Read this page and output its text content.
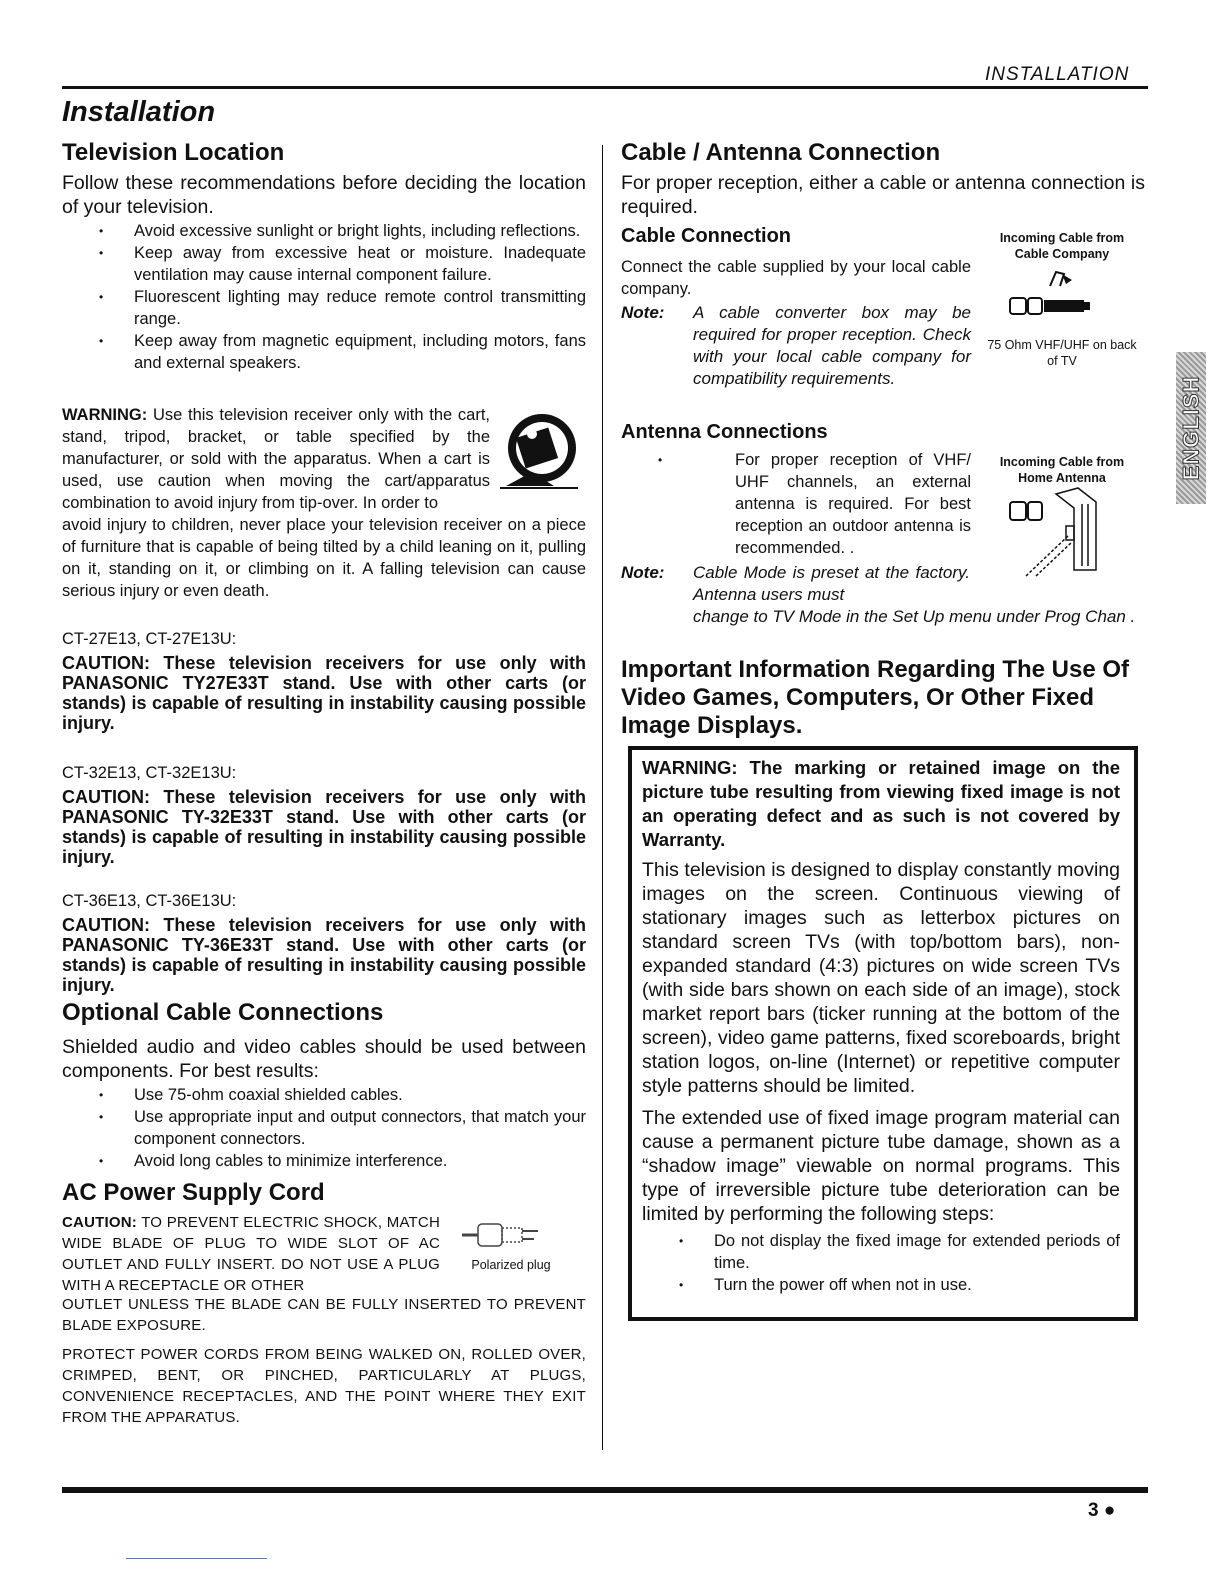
INSTALLATION
Installation
Television Location

Follow these recommendations before deciding the location of your television.

• Avoid excessive sunlight or bright lights, including reflections.
• Keep away from excessive heat or moisture. Inadequate ventilation may cause internal component failure.
• Fluorescent lighting may reduce remote control transmitting range.
• Keep away from magnetic equipment, including motors, fans and external speakers.

WARNING: Use this television receiver only with the cart, stand, tripod, bracket, or table specified by the manufacturer, or sold with the apparatus. When a cart is used, use caution when moving the cart/apparatus combination to avoid injury from tip-over. In order to

avoid injury to children, never place your television receiver on a piece of furniture that is capable of being tilted by a child leaning on it, pulling on it, standing on it, or climbing on it. A falling television can cause serious injury or even death.

CT-27E13, CT-27E13U:

CAUTION: These television receivers for use only with PANASONIC TY27E33T stand. Use with other carts (or stands) is capable of resulting in instability causing possible injury.

CT-32E13, CT-32E13U:

CAUTION: These television receivers for use only with PANASONIC TY-32E33T stand. Use with other carts (or stands) is capable of resulting in instability causing possible injury.

CT-36E13, CT-36E13U:

CAUTION: These television receivers for use only with PANASONIC TY-36E33T stand. Use with other carts (or stands) is capable of resulting in instability causing possible injury.

Optional Cable Connections

Shielded audio and video cables should be used between components. For best results:

• Use 75-ohm coaxial shielded cables.
• Use appropriate input and output connectors, that match your component connectors.
• Avoid long cables to minimize interference.
AC Power Supply Cord

CAUTION: TO PREVENT ELECTRIC SHOCK, MATCH WIDE BLADE OF PLUG TO WIDE SLOT OF AC OUTLET AND FULLY INSERT. DO NOT USE A PLUG WITH A RECEPTACLE OR OTHER

Polarized plug

OUTLET UNLESS THE BLADE CAN BE FULLY INSERTED TO PREVENT BLADE EXPOSURE.

PROTECT POWER CORDS FROM BEING WALKED ON, ROLLED OVER, CRIMPED, BENT, OR PINCHED, PARTICULARLY AT PLUGS, CONVENIENCE RECEPTACLES, AND THE POINT WHERE THEY EXIT FROM THE APPARATUS.

Cable / Antenna Connection

For proper reception, either a cable or antenna connection is required.

Cable Connection

Connect the cable supplied by your local cable company.

Note:	A cable converter box may be required for proper reception. Check with your local cable company for compatibility requirements.
Incoming Cable from Cable Company
75 Ohm VHF/UHF on back of TV
Antenna Connections
• For proper reception of VHF/ UHF channels, an external antenna is required. For best reception an outdoor antenna is recommended. .
Incoming Cable from Home Antenna
Note:	Cable Mode is preset at the factory. Antenna users must
change to TV Mode in the Set Up menu under Prog Chan .
Important Information Regarding The Use Of Video Games, Computers, Or Other Fixed Image Displays.

WARNING: The marking or retained image on the picture tube resulting from viewing fixed image is not an operating defect and as such is not covered by Warranty.

This television is designed to display constantly moving images on the screen. Continuous viewing of stationary images such as letterbox pictures on standard screen TVs (with top/bottom bars), non-expanded standard (4:3) pictures on wide screen TVs (with side bars shown on each side of an image), stock market report bars (ticker running at the bottom of the screen), video game patterns, fixed scoreboards, bright station logos, on-line (Internet) or repetitive computer style patterns should be limited.

The extended use of fixed image program material can cause a permanent picture tube damage, shown as a “shadow image” viewable on normal programs. This type of irreversible picture tube deterioration can be limited by performing the following steps:

• Do not display the fixed image for extended periods of time.
• Turn the power off when not in use.
ENGLISH
3 ●
